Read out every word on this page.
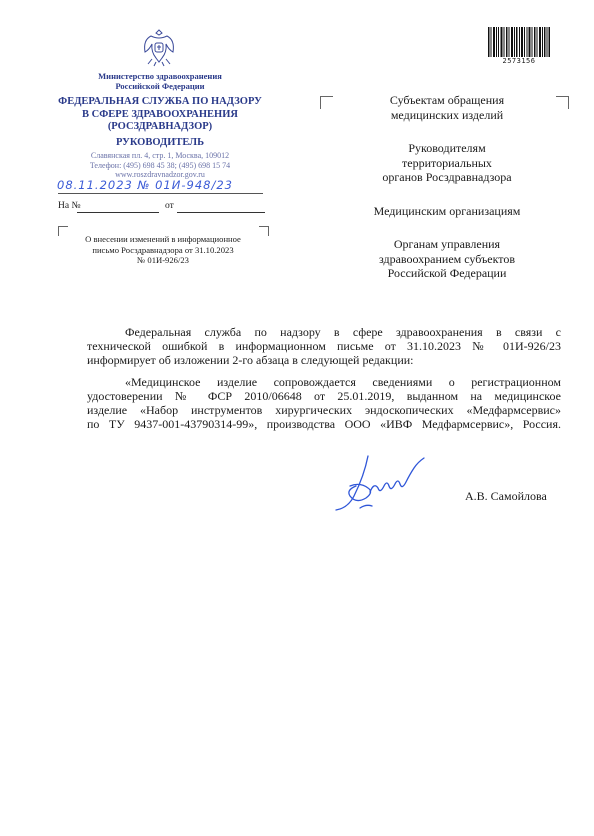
Министерство здравоохранения
Российской Федерации
ФЕДЕРАЛЬНАЯ СЛУЖБА ПО НАДЗОРУ
В СФЕРЕ ЗДРАВООХРАНЕНИЯ
(РОСЗДРАВНАДЗОР)
РУКОВОДИТЕЛЬ
Славянская пл. 4, стр. 1, Москва, 109012
Телефон: (495) 698 45 38; (495) 698 15 74
www.roszdravnadzor.gov.ru
08.11.2023 № 01И-948/23
На №	от
О внесении изменений в информационное
письмо Росздравнадзора от 31.10.2023
№ 01И-926/23
2573156
Субъектам обращения
медицинских изделий
Руководителям
территориальных
органов Росздравнадзора
Медицинским организациям
Органам управления
здравоохранием субъектов
Российской Федерации
Федеральная служба по надзору в сфере здравоохранения в связи с
технической ошибкой в информационном письме от 31.10.2023 № 01И-926/23
информирует об изложении 2-го абзаца в следующей редакции:
«Медицинское изделие сопровождается сведениями о регистрационном
удостоверении № ФСР 2010/06648 от 25.01.2019, выданном на медицинское
изделие «Набор инструментов хирургических эндоскопических «Медфармсервис»
по ТУ 9437-001-43790314-99», производства ООО «ИВФ Медфармсервис», Россия.
А.В. Самойлова
